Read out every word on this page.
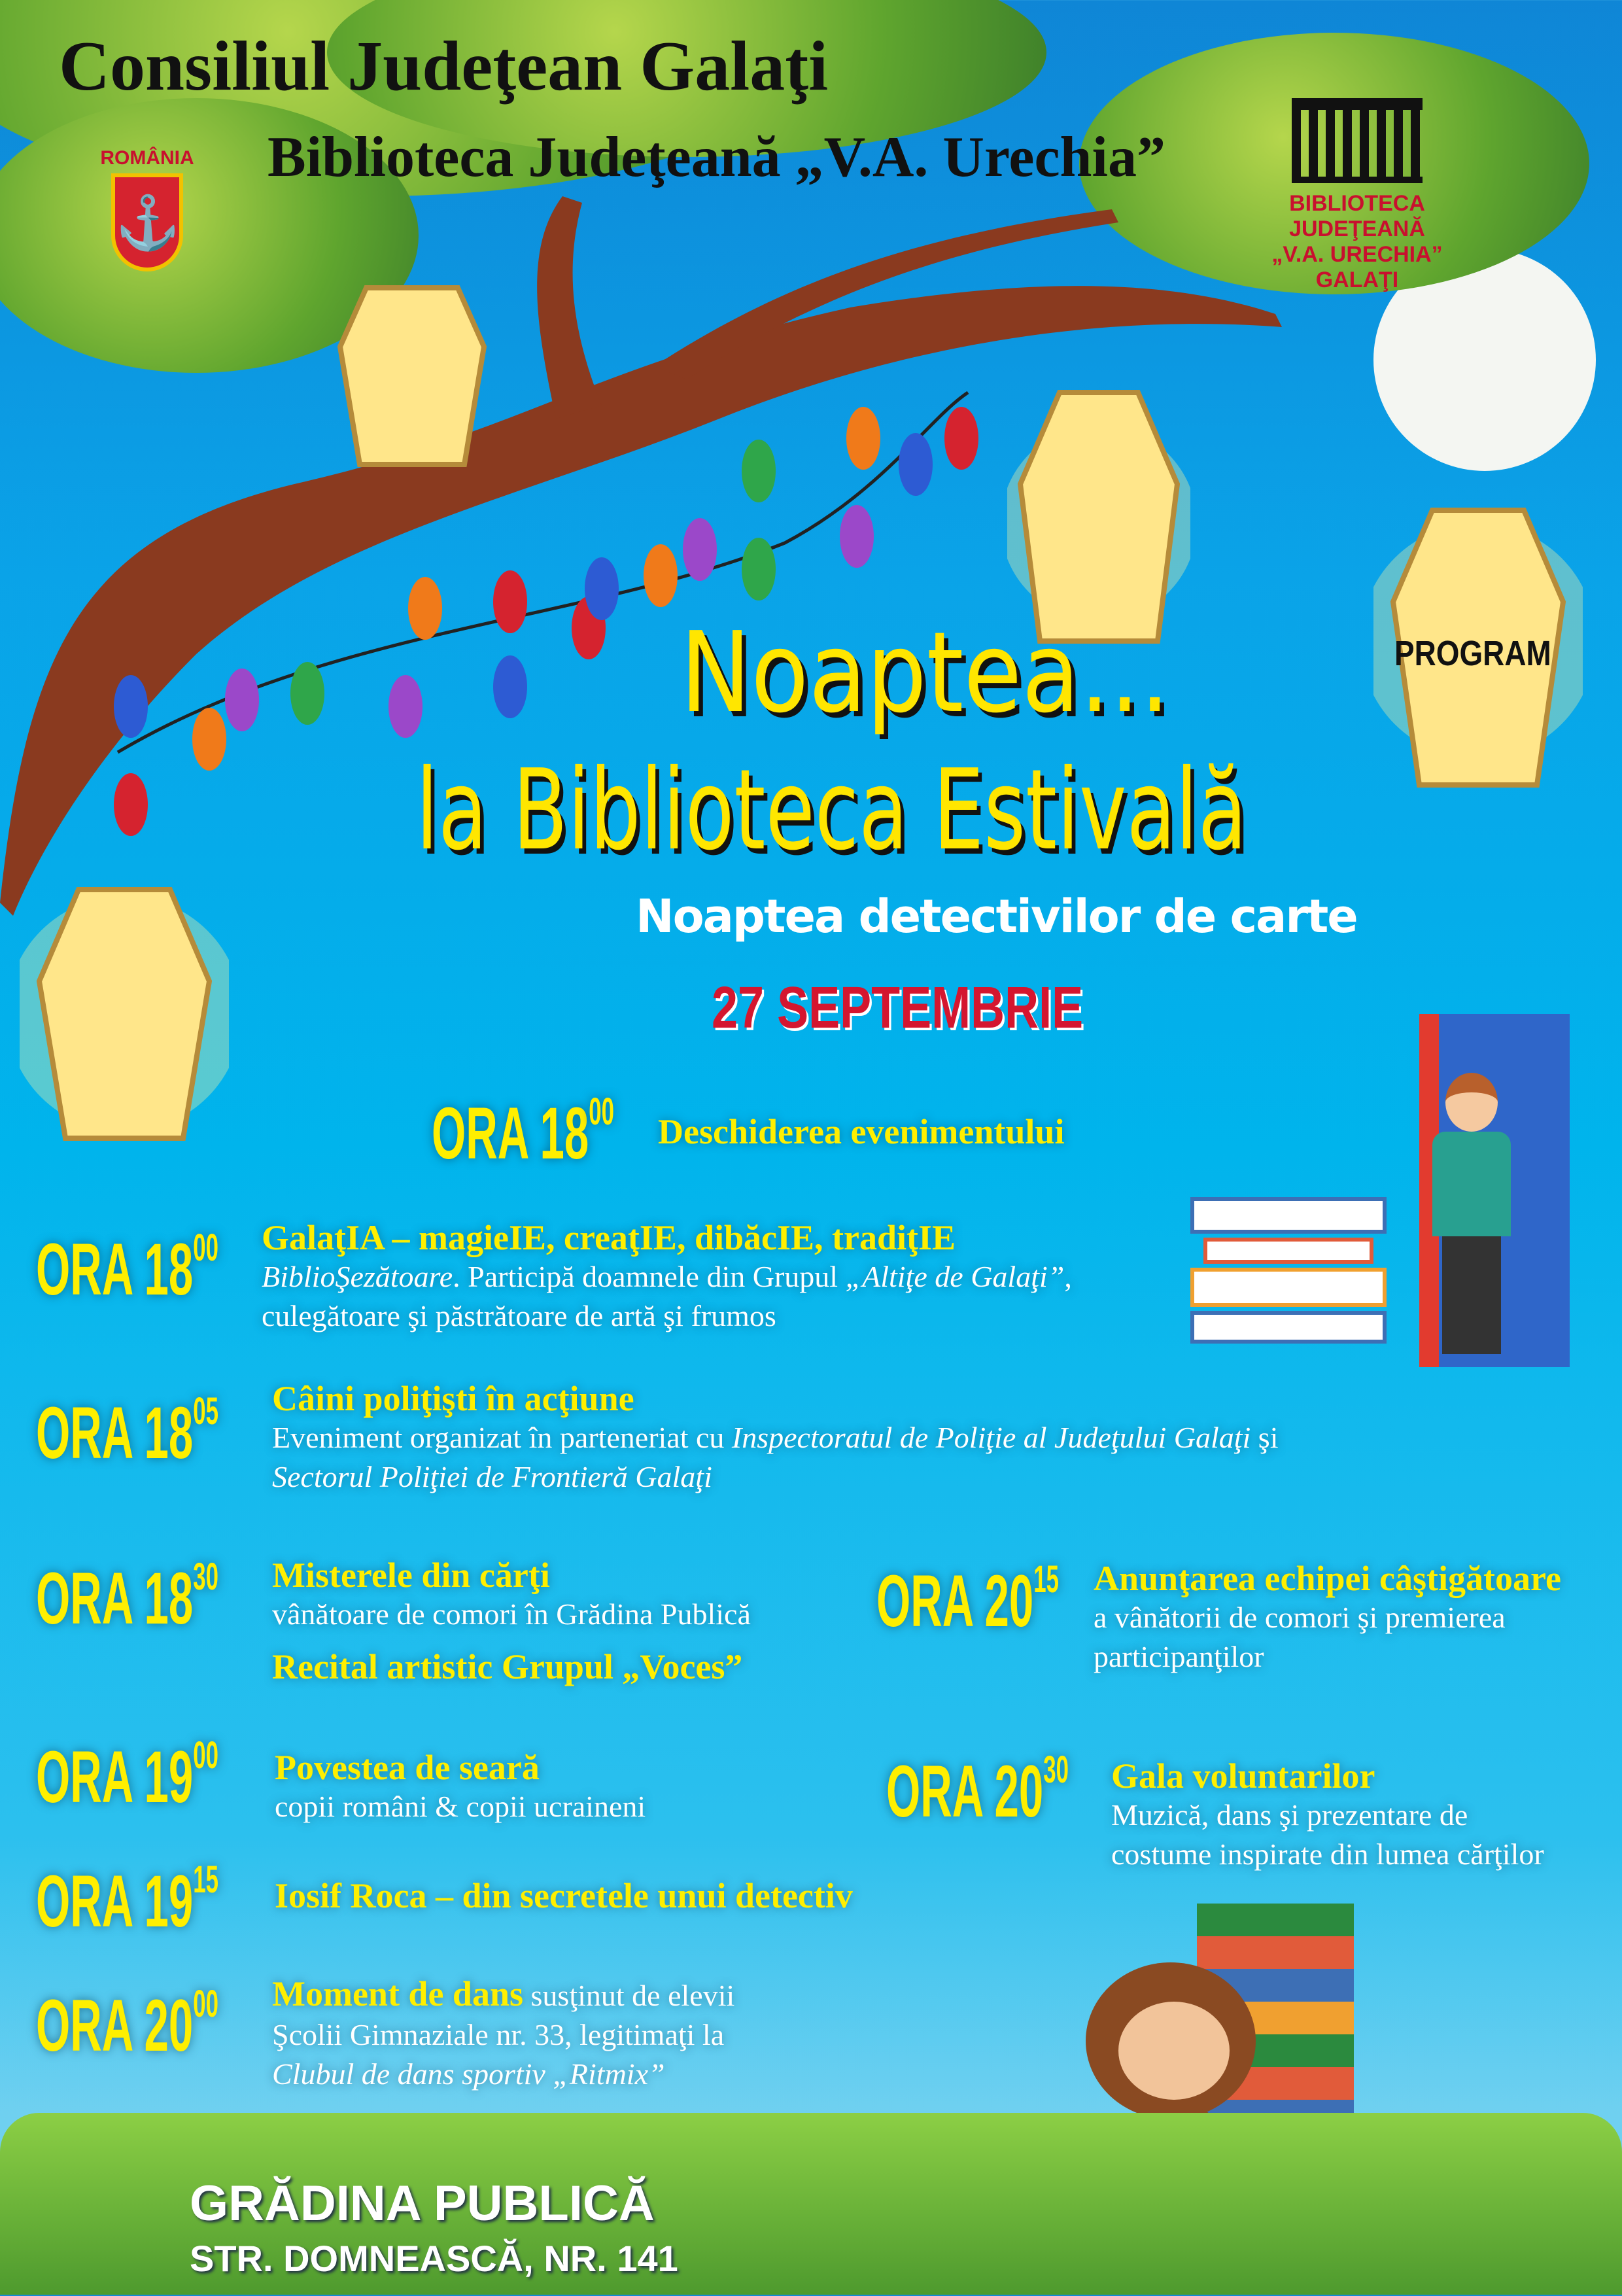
PROGRAM
Consiliul Judeţean Galaţi
Biblioteca Judeţeană „V.A. Urechia”
ROMÂNIA
⚓	BIBLIOTECA JUDEŢEANĂ
„V.A. URECHIA” GALAŢI
Noaptea...
la Biblioteca Estivală
Noaptea detectivilor de carte
27 SEPTEMBRIE
ORA $18^{00}$ Deschiderea evenimentului
ORA $18^{00}$ GalaţIA – magieIE, creaţIE, dibăcIE, tradiţIE
BiblioŞezătoare. Participă doamnele din Grupul „Altiţe de Galaţi”,
culegătoare şi păstrătoare de artă şi frumos
ORA $18^{05}$ Câini poliţişti în acţiune
Eveniment organizat în parteneriat cu Inspectoratul de Poliţie al Judeţului Galaţi şi
Sectorul Poliţiei de Frontieră Galaţi
ORA $18^{30}$ Misterele din cărţi
vânătoare de comori în Grădina Publică
Recital artistic Grupul „Voces”
ORA $19^{00}$ Povestea de seară
copii români & copii ucraineni
ORA $19^{15}$ Iosif Roca – din secretele unui detectiv
ORA $20^{00}$ Moment de dans susţinut de elevii
Şcolii Gimnaziale nr. 33, legitimaţi la
Clubul de dans sportiv „Ritmix”
ORA $20^{15}$ Anunţarea echipei câştigătoare
a vânătorii de comori şi premierea
participanţilor
ORA $20^{30}$ Gala voluntarilor
Muzică, dans şi prezentare de
costume inspirate din lumea cărţilor
GRĂDINA PUBLICĂ
STR. DOMNEASCĂ, NR. 141
